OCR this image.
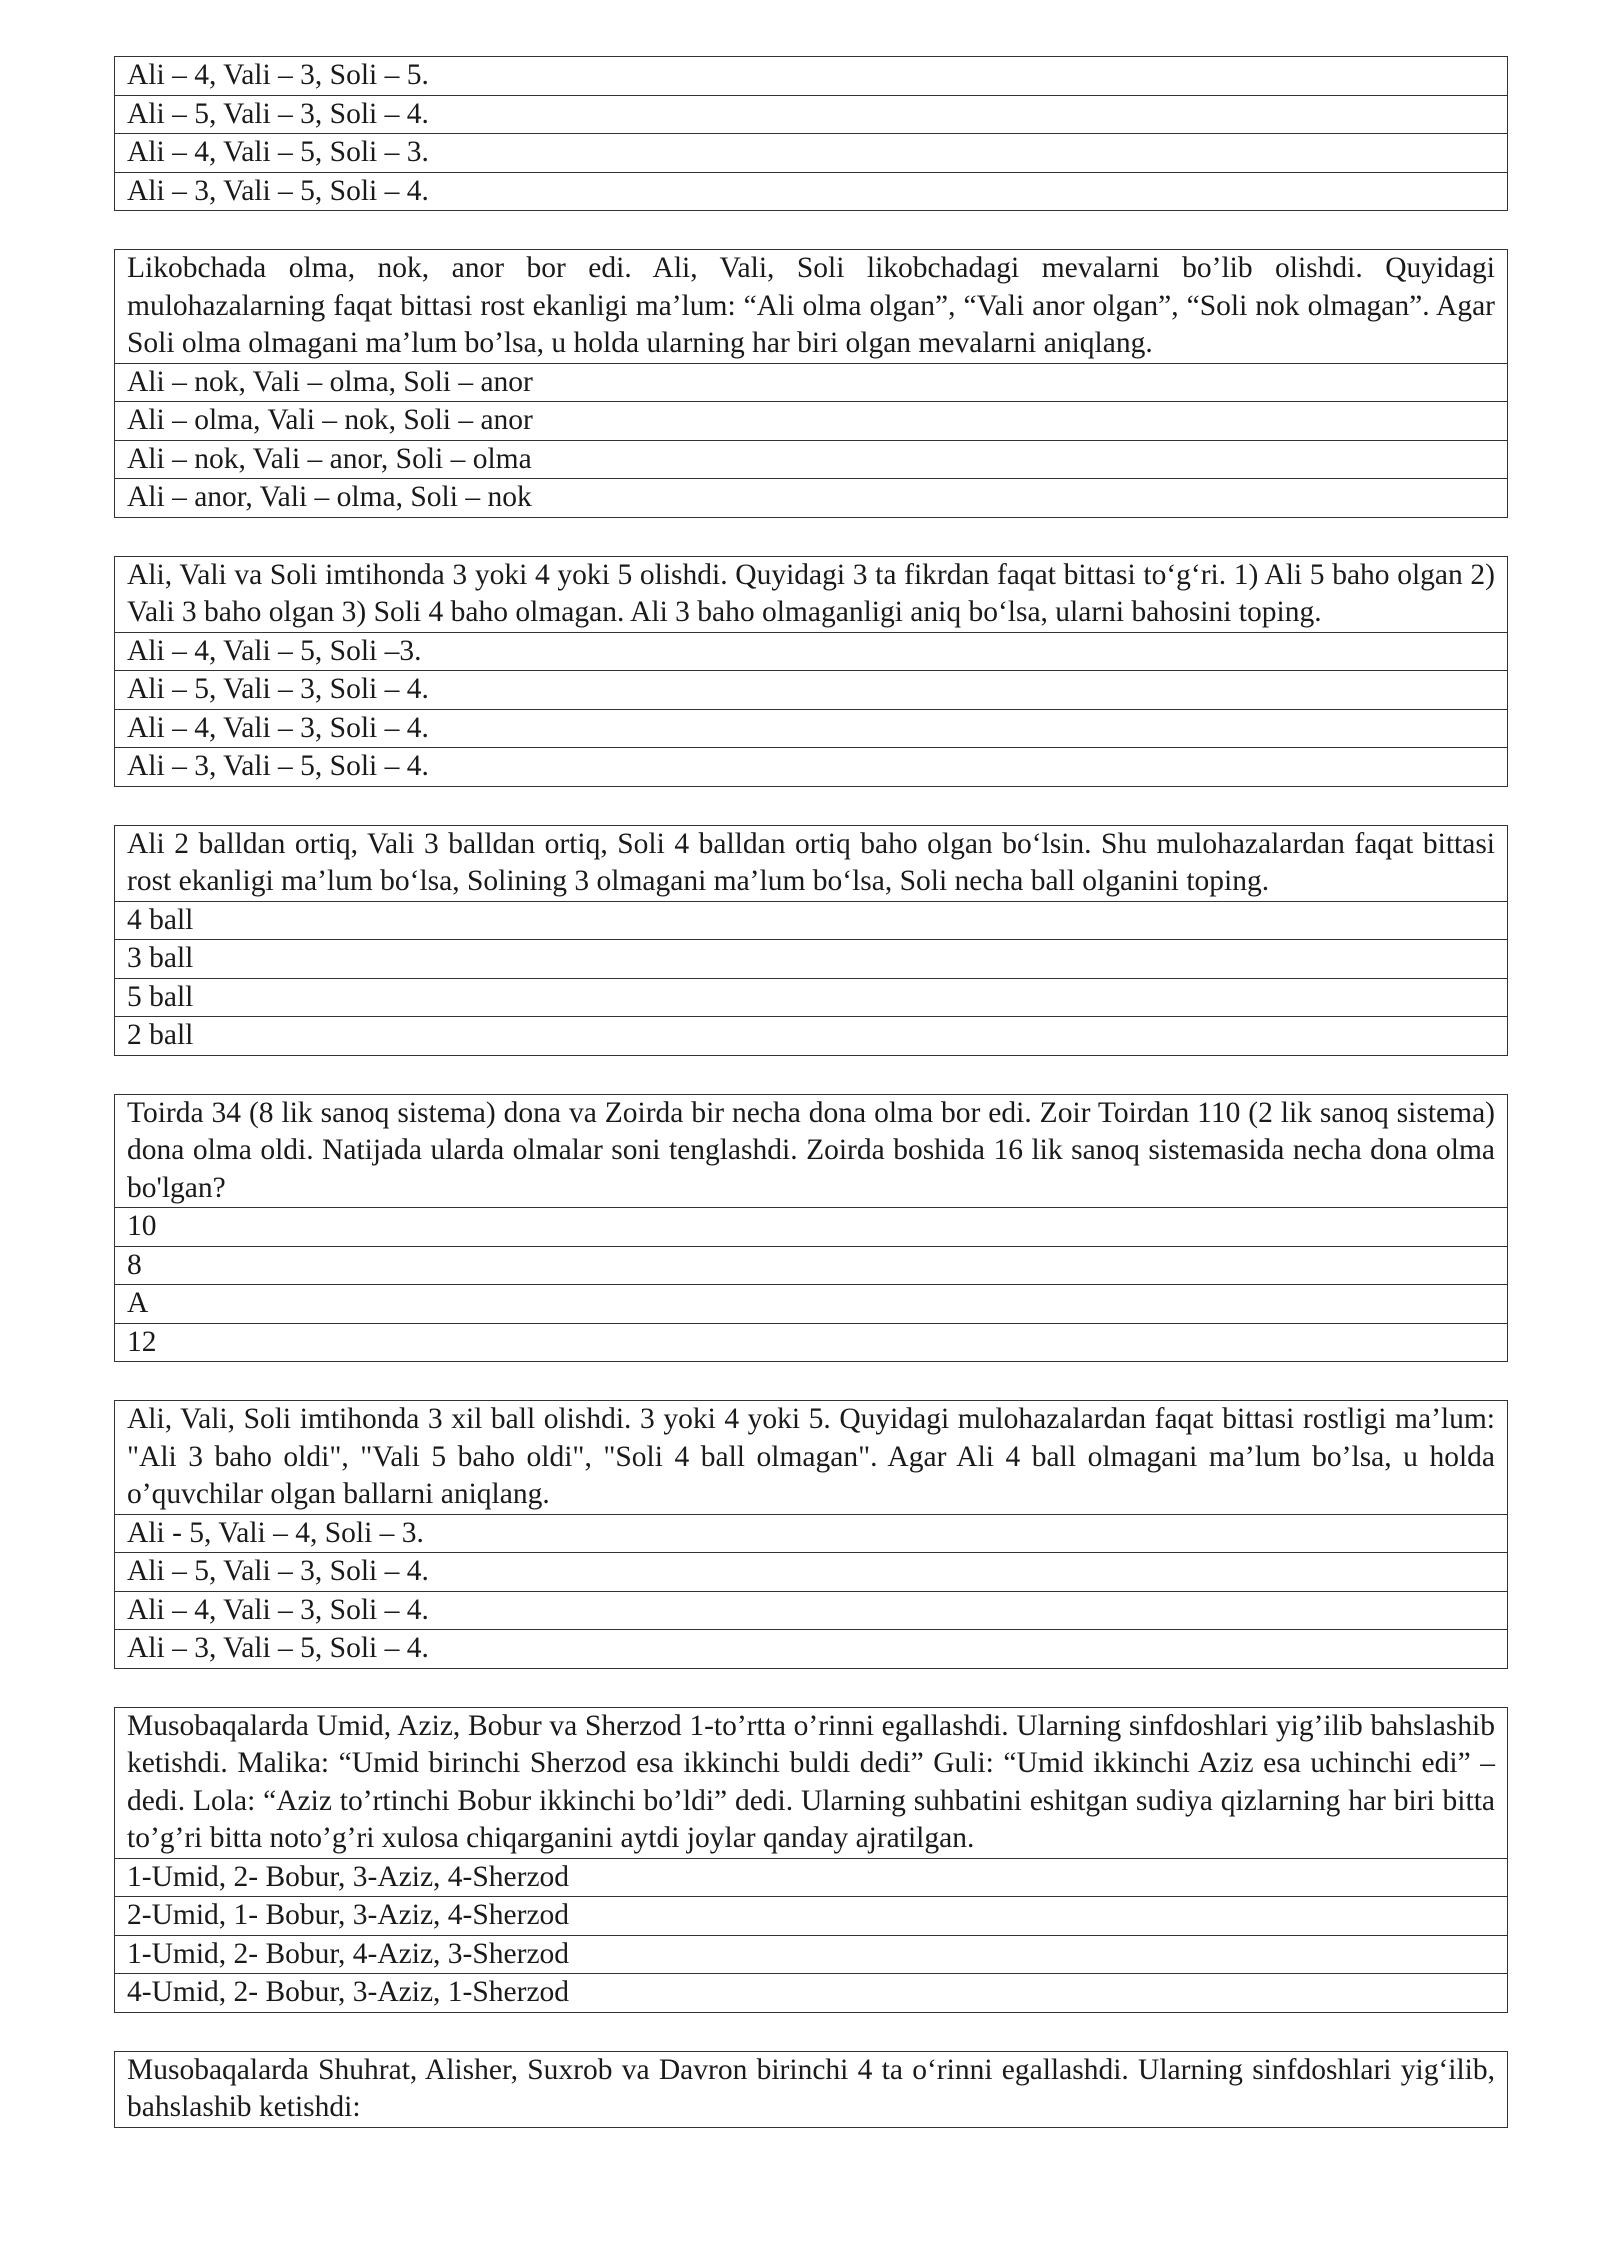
Ali – 4, Vali – 3, Soli – 5.
Ali – 5, Vali – 3, Soli – 4.
Ali – 4, Vali – 5, Soli – 3.
Ali – 3, Vali – 5, Soli – 4.
Likobchada olma, nok, anor bor edi. Ali, Vali, Soli likobchadagi mevalarni bo’lib olishdi. Quyidagi mulohazalarning faqat bittasi rost ekanligi ma’lum: “Ali olma olgan”, “Vali anor olgan”, “Soli nok olmagan”. Agar Soli olma olmagani ma’lum bo’lsa, u holda ularning har biri olgan mevalarni aniqlang.
Ali – nok, Vali – olma, Soli – anor
Ali – olma, Vali – nok, Soli – anor
Ali – nok, Vali – anor, Soli – olma
Ali – anor, Vali – olma, Soli – nok
Ali, Vali va Soli imtihonda 3 yoki 4 yoki 5 olishdi. Quyidagi 3 ta fikrdan faqat bittasi to‘g‘ri. 1) Ali 5 baho olgan 2) Vali 3 baho olgan 3) Soli 4 baho olmagan. Ali 3 baho olmaganligi aniq bo‘lsa, ularni bahosini toping.
Ali – 4, Vali – 5, Soli –3.
Ali – 5, Vali – 3, Soli – 4.
Ali – 4, Vali – 3, Soli – 4.
Ali – 3, Vali – 5, Soli – 4.
Ali 2 balldan ortiq, Vali 3 balldan ortiq, Soli 4 balldan ortiq baho olgan bo‘lsin. Shu mulohazalardan faqat bittasi rost ekanligi ma’lum bo‘lsa, Solining 3 olmagani ma’lum bo‘lsa, Soli necha ball olganini toping.
4 ball
3 ball
5 ball
2 ball
Toirda 34 (8 lik sanoq sistema) dona va Zoirda bir necha dona olma bor edi. Zoir Toirdan 110 (2 lik sanoq sistema) dona olma oldi. Natijada ularda olmalar soni tenglashdi. Zoirda boshida 16 lik sanoq sistemasida necha dona olma bo'lgan?
10
8
A
12
Ali, Vali, Soli imtihonda 3 xil ball olishdi. 3 yoki 4 yoki 5. Quyidagi mulohazalardan faqat bittasi rostligi ma’lum: "Ali 3 baho oldi", "Vali 5 baho oldi", "Soli 4 ball olmagan". Agar Ali 4 ball olmagani ma’lum bo’lsa, u holda o’quvchilar olgan ballarni aniqlang.
Ali - 5, Vali – 4, Soli – 3.
Ali – 5, Vali – 3, Soli – 4.
Ali – 4, Vali – 3, Soli – 4.
Ali – 3, Vali – 5, Soli – 4.
Musobaqalarda Umid, Aziz, Bobur va Sherzod 1-to’rtta o’rinni egallashdi. Ularning sinfdoshlari yig’ilib bahslashib ketishdi. Malika: “Umid birinchi Sherzod esa ikkinchi buldi dedi” Guli: “Umid ikkinchi Aziz esa uchinchi edi” –dedi. Lola: “Aziz to’rtinchi Bobur ikkinchi bo’ldi” dedi. Ularning suhbatini eshitgan sudiya qizlarning har biri bitta to’g’ri bitta noto’g’ri xulosa chiqarganini aytdi joylar qanday ajratilgan.
1-Umid, 2- Bobur, 3-Aziz, 4-Sherzod
2-Umid, 1- Bobur, 3-Aziz, 4-Sherzod
1-Umid, 2- Bobur, 4-Aziz, 3-Sherzod
4-Umid, 2- Bobur, 3-Aziz, 1-Sherzod
Musobaqalarda Shuhrat, Alisher, Suxrob va Davron birinchi 4 ta o‘rinni egallashdi. Ularning sinfdoshlari yig‘ilib, bahslashib ketishdi:
